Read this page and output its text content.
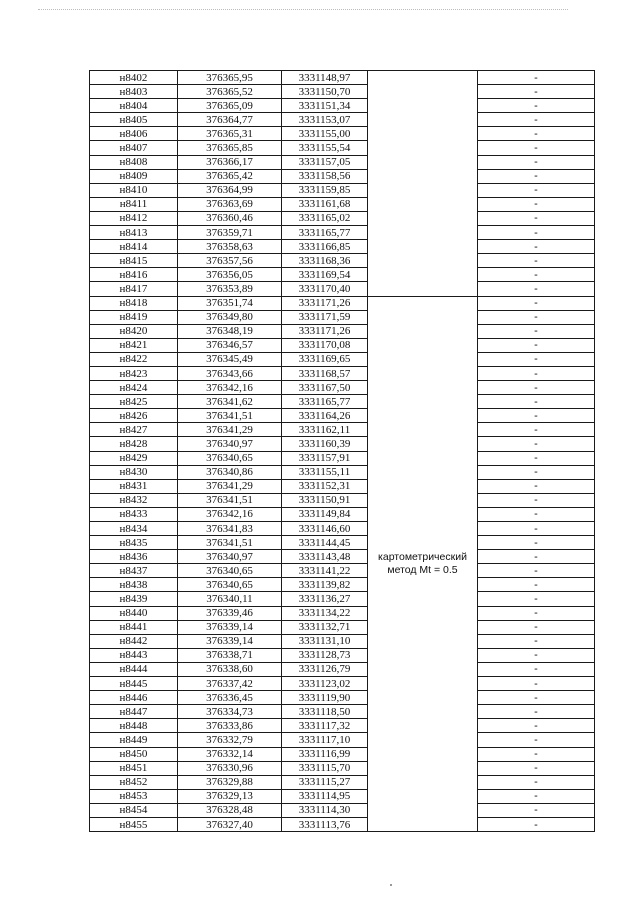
н8402	376365,95	3331148,97		-
н8403	376365,52	3331150,70		-
н8404	376365,09	3331151,34		-
н8405	376364,77	3331153,07		-
н8406	376365,31	3331155,00		-
н8407	376365,85	3331155,54		-
н8408	376366,17	3331157,05		-
н8409	376365,42	3331158,56		-
н8410	376364,99	3331159,85		-
н8411	376363,69	3331161,68		-
н8412	376360,46	3331165,02		-
н8413	376359,71	3331165,77		-
н8414	376358,63	3331166,85		-
н8415	376357,56	3331168,36		-
н8416	376356,05	3331169,54		-
н8417	376353,89	3331170,40		-
н8418	376351,74	3331171,26	картометрический метод Mt = 0.5	-
н8419	376349,80	3331171,59		-
н8420	376348,19	3331171,26		-
н8421	376346,57	3331170,08		-
н8422	376345,49	3331169,65		-
н8423	376343,66	3331168,57		-
н8424	376342,16	3331167,50		-
н8425	376341,62	3331165,77		-
н8426	376341,51	3331164,26		-
н8427	376341,29	3331162,11		-
н8428	376340,97	3331160,39		-
н8429	376340,65	3331157,91		-
н8430	376340,86	3331155,11		-
н8431	376341,29	3331152,31		-
н8432	376341,51	3331150,91		-
н8433	376342,16	3331149,84		-
н8434	376341,83	3331146,60		-
н8435	376341,51	3331144,45		-
н8436	376340,97	3331143,48		-
н8437	376340,65	3331141,22		-
н8438	376340,65	3331139,82		-
н8439	376340,11	3331136,27		-
н8440	376339,46	3331134,22		-
н8441	376339,14	3331132,71		-
н8442	376339,14	3331131,10		-
н8443	376338,71	3331128,73		-
н8444	376338,60	3331126,79		-
н8445	376337,42	3331123,02		-
н8446	376336,45	3331119,90		-
н8447	376334,73	3331118,50		-
н8448	376333,86	3331117,32		-
н8449	376332,79	3331117,10		-
н8450	376332,14	3331116,99		-
н8451	376330,96	3331115,70		-
н8452	376329,88	3331115,27		-
н8453	376329,13	3331114,95		-
н8454	376328,48	3331114,30		-
н8455	376327,40	3331113,76		-
